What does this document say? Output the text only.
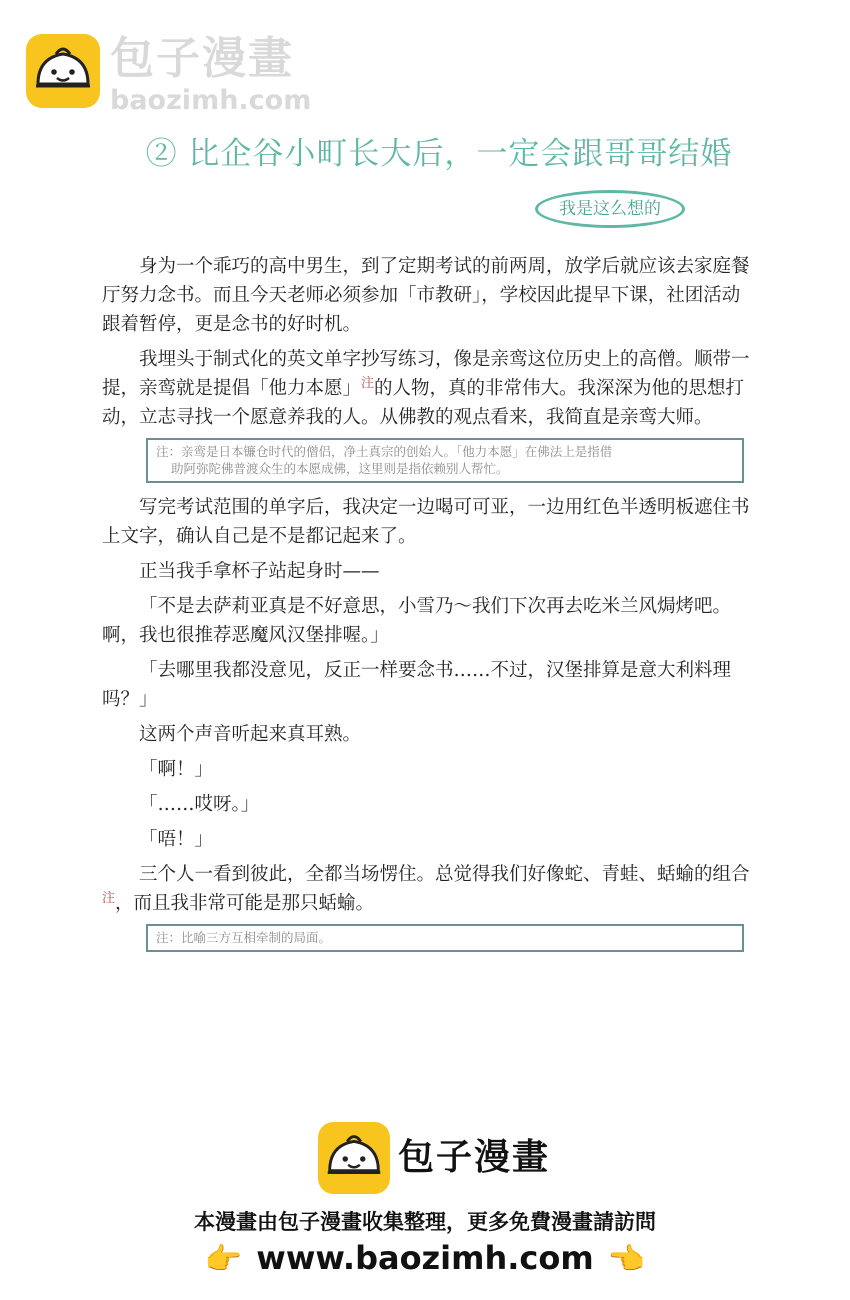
包子漫畫
baozimh.com
② 比企谷小町长大后，一定会跟哥哥结婚
我是这么想的

身为一个乖巧的高中男生，到了定期考试的前两周，放学后就应该去家庭餐厅努力念书。而且今天老师必须参加「市教研」，学校因此提早下课，社团活动跟着暂停，更是念书的好时机。

我埋头于制式化的英文单字抄写练习，像是亲鸾这位历史上的高僧。顺带一提，亲鸾就是提倡「他力本愿」$^注$的人物，真的非常伟大。我深深为他的思想打动，立志寻找一个愿意养我的人。从佛教的观点看来，我简直是亲鸾大师。

注：亲鸾是日本镰仓时代的僧侣，净土真宗的创始人。「他力本愿」在佛法上是指借
助阿弥陀佛普渡众生的本愿成佛，这里则是指依赖别人帮忙。

写完考试范围的单字后，我决定一边喝可可亚，一边用红色半透明板遮住书上文字，确认自己是不是都记起来了。

正当我手拿杯子站起身时——

「不是去萨莉亚真是不好意思，小雪乃～我们下次再去吃米兰风焗烤吧。啊，我也很推荐恶魔风汉堡排喔。」

「去哪里我都没意见，反正一样要念书……不过，汉堡排算是意大利料理吗？」

这两个声音听起来真耳熟。

「啊！」

「……哎呀。」

「唔！」

三个人一看到彼此，全都当场愣住。总觉得我们好像蛇、青蛙、蛞蝓的组合$^注$，而且我非常可能是那只蛞蝓。

注：比喻三方互相牵制的局面。
包子漫畫
本漫畫由包子漫畫收集整理，更多免費漫畫請訪問
👉 www.baozimh.com 👈
